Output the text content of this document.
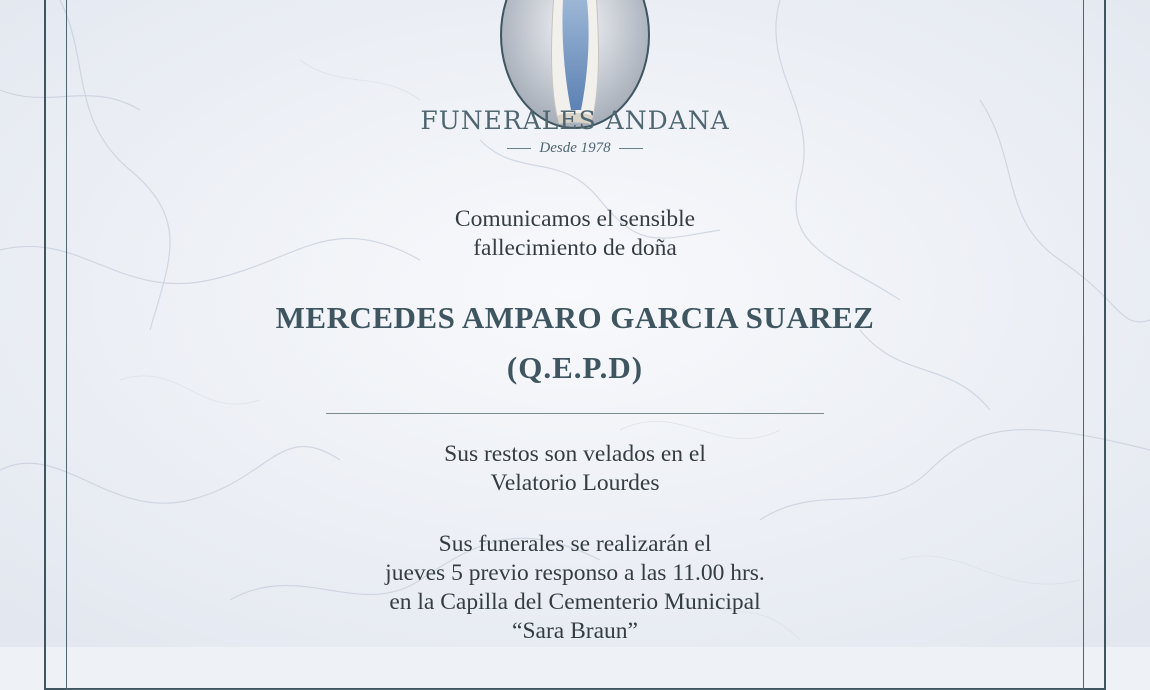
FUNERALES ANDANA
Desde 1978
Comunicamos el sensible
fallecimiento de doña
MERCEDES AMPARO GARCIA SUAREZ
(Q.E.P.D)
Sus restos son velados en el
Velatorio Lourdes
Sus funerales se realizarán el
jueves 5 previo responso a las 11.00 hrs.
en la Capilla del Cementerio Municipal
“Sara Braun”
